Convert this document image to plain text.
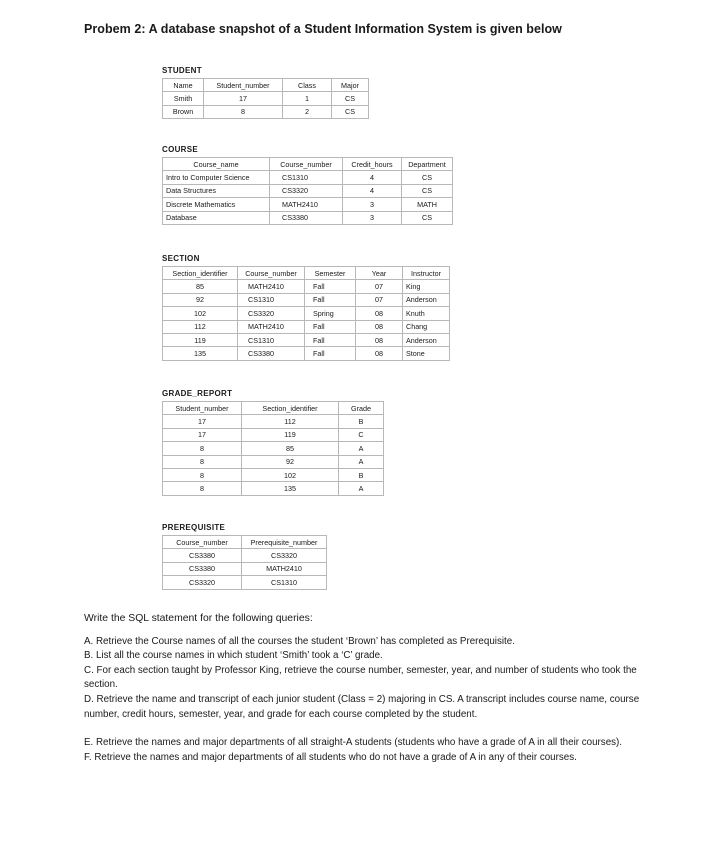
Probem 2: A database snapshot of a Student Information System is given below
STUDENT
Name	Student_number	Class	Major
Smith	17	1	CS
Brown	8	2	CS
COURSE
Course_name	Course_number	Credit_hours	Department
Intro to Computer Science	CS1310	4	CS
Data Structures	CS3320	4	CS
Discrete Mathematics	MATH2410	3	MATH
Database	CS3380	3	CS
SECTION
Section_identifier	Course_number	Semester	Year	Instructor
85	MATH2410	Fall	07	King
92	CS1310	Fall	07	Anderson
102	CS3320	Spring	08	Knuth
112	MATH2410	Fall	08	Chang
119	CS1310	Fall	08	Anderson
135	CS3380	Fall	08	Stone
GRADE_REPORT
Student_number	Section_identifier	Grade
17	112	B
17	119	C
8	85	A
8	92	A
8	102	B
8	135	A
PREREQUISITE
Course_number	Prerequisite_number
CS3380	CS3320
CS3380	MATH2410
CS3320	CS1310

Write the SQL statement for the following queries:

A. Retrieve the Course names of all the courses the student ‘Brown’ has completed as Prerequisite.

B. List all the course names in which student ‘Smith’ took a ‘C’ grade.

C. For each section taught by Professor King, retrieve the course number, semester, year, and number of students who took the section.

D. Retrieve the name and transcript of each junior student (Class = 2) majoring in CS. A transcript includes course name, course number, credit hours, semester, year, and grade for each course completed by the student.

E. Retrieve the names and major departments of all straight-A students (students who have a grade of A in all their courses).

F. Retrieve the names and major departments of all students who do not have a grade of A in any of their courses.
